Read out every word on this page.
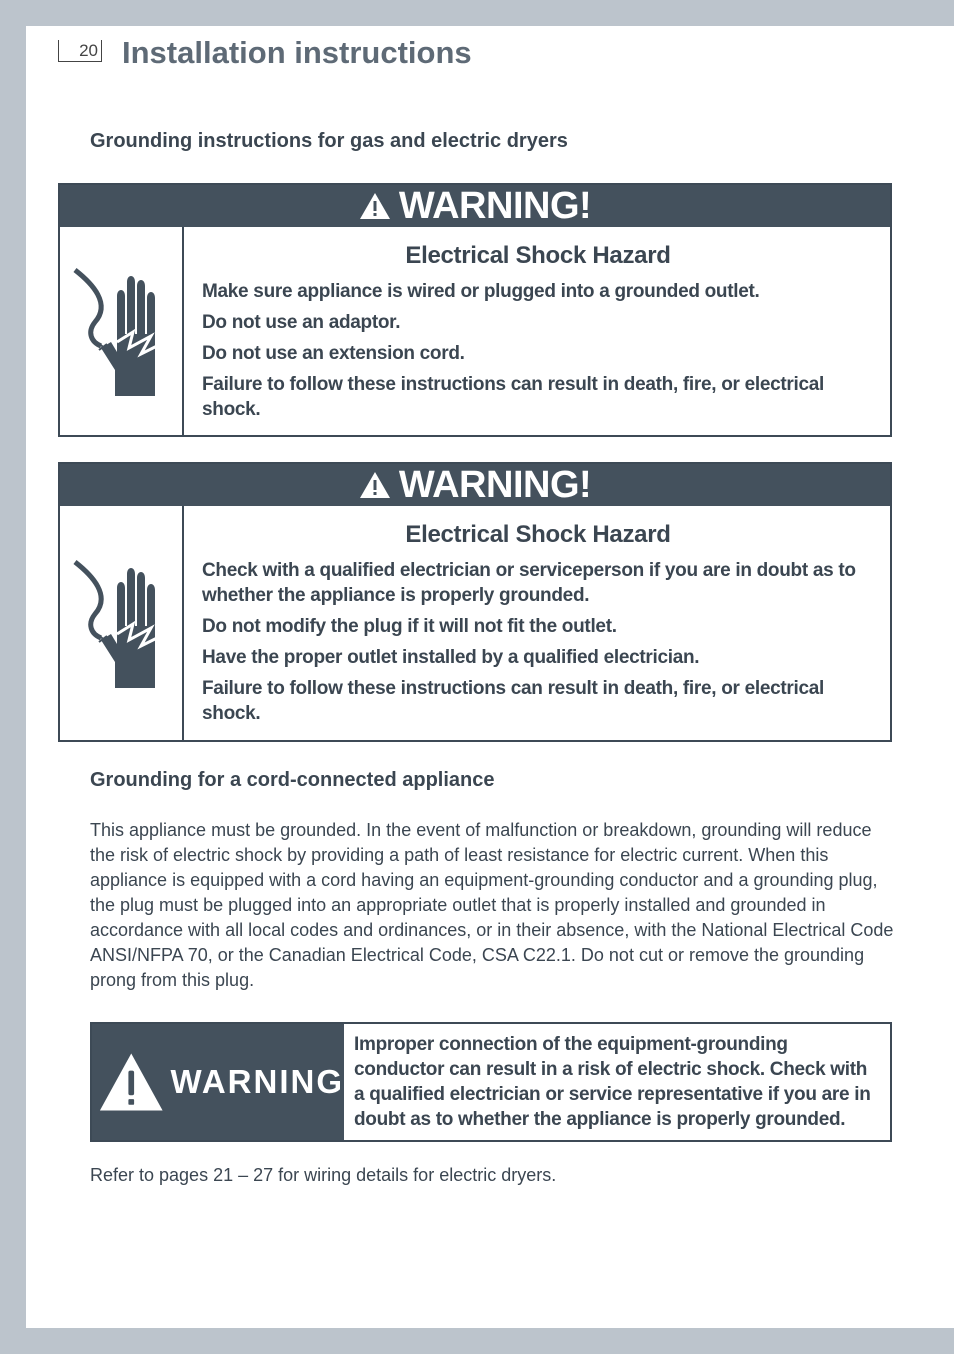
20 Installation instructions
Grounding instructions for gas and electric dryers
WARNING!

Electrical Shock Hazard

Make sure appliance is wired or plugged into a grounded outlet.

Do not use an adaptor.

Do not use an extension cord.

Failure to follow these instructions can result in death, fire, or electrical shock.

WARNING!

Electrical Shock Hazard

Check with a qualified electrician or serviceperson if you are in doubt as to whether the appliance is properly grounded.

Do not modify the plug if it will not fit the outlet.

Have the proper outlet installed by a qualified electrician.

Failure to follow these instructions can result in death, fire, or electrical shock.

Grounding for a cord-connected appliance

This appliance must be grounded. In the event of malfunction or breakdown, grounding will reduce the risk of electric shock by providing a path of least resistance for electric current. When this appliance is equipped with a cord having an equipment-grounding conductor and a grounding plug, the plug must be plugged into an appropriate outlet that is properly installed and grounded in accordance with all local codes and ordinances, or in their absence, with the National Electrical Code ANSI/NFPA 70, or the Canadian Electrical Code, CSA C22.1. Do not cut or remove the grounding prong from this plug.

WARNING
Improper connection of the equipment-grounding conductor can result in a risk of electric shock. Check with a qualified electrician or service representative if you are in doubt as to whether the appliance is properly grounded.

Refer to pages 21 – 27 for wiring details for electric dryers.
